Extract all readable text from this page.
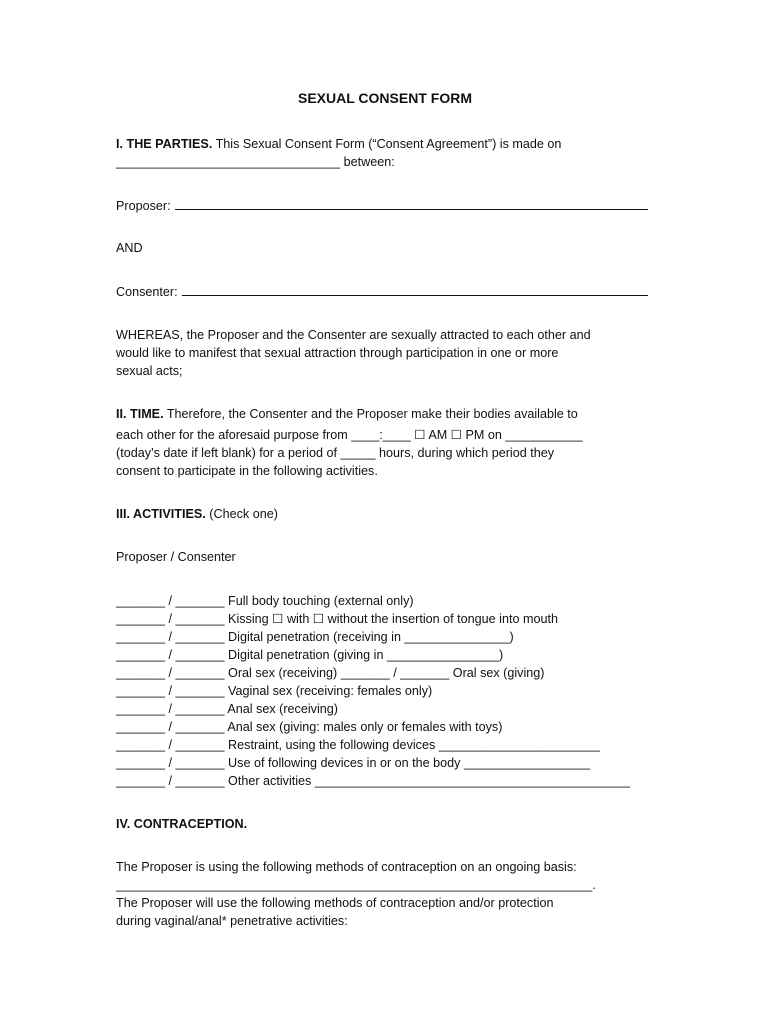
SEXUAL CONSENT FORM
I. THE PARTIES. This Sexual Consent Form (“Consent Agreement”) is made on
________________________________ between:
Proposer:
AND
Consenter:
WHEREAS, the Proposer and the Consenter are sexually attracted to each other and
would like to manifest that sexual attraction through participation in one or more
sexual acts;
II. TIME. Therefore, the Consenter and the Proposer make their bodies available to
each other for the aforesaid purpose from ____:____ ☐ AM ☐ PM on ___________
(today’s date if left blank) for a period of _____ hours, during which period they
consent to participate in the following activities.
III. ACTIVITIES. (Check one)
Proposer / Consenter
_______ / _______ Full body touching (external only)
_______ / _______ Kissing ☐ with ☐ without the insertion of tongue into mouth
_______ / _______ Digital penetration (receiving in _______________)
_______ / _______ Digital penetration (giving in ________________)
_______ / _______ Oral sex (receiving) _______ / _______ Oral sex (giving)
_______ / _______ Vaginal sex (receiving: females only)
_______ / _______ Anal sex (receiving)
_______ / _______ Anal sex (giving: males only or females with toys)
_______ / _______ Restraint, using the following devices _______________________
_______ / _______ Use of following devices in or on the body __________________
_______ / _______ Other activities _____________________________________________
IV. CONTRACEPTION.
The Proposer is using the following methods of contraception on an ongoing basis:
____________________________________________________________________.
The Proposer will use the following methods of contraception and/or protection
during vaginal/anal* penetrative activities:
